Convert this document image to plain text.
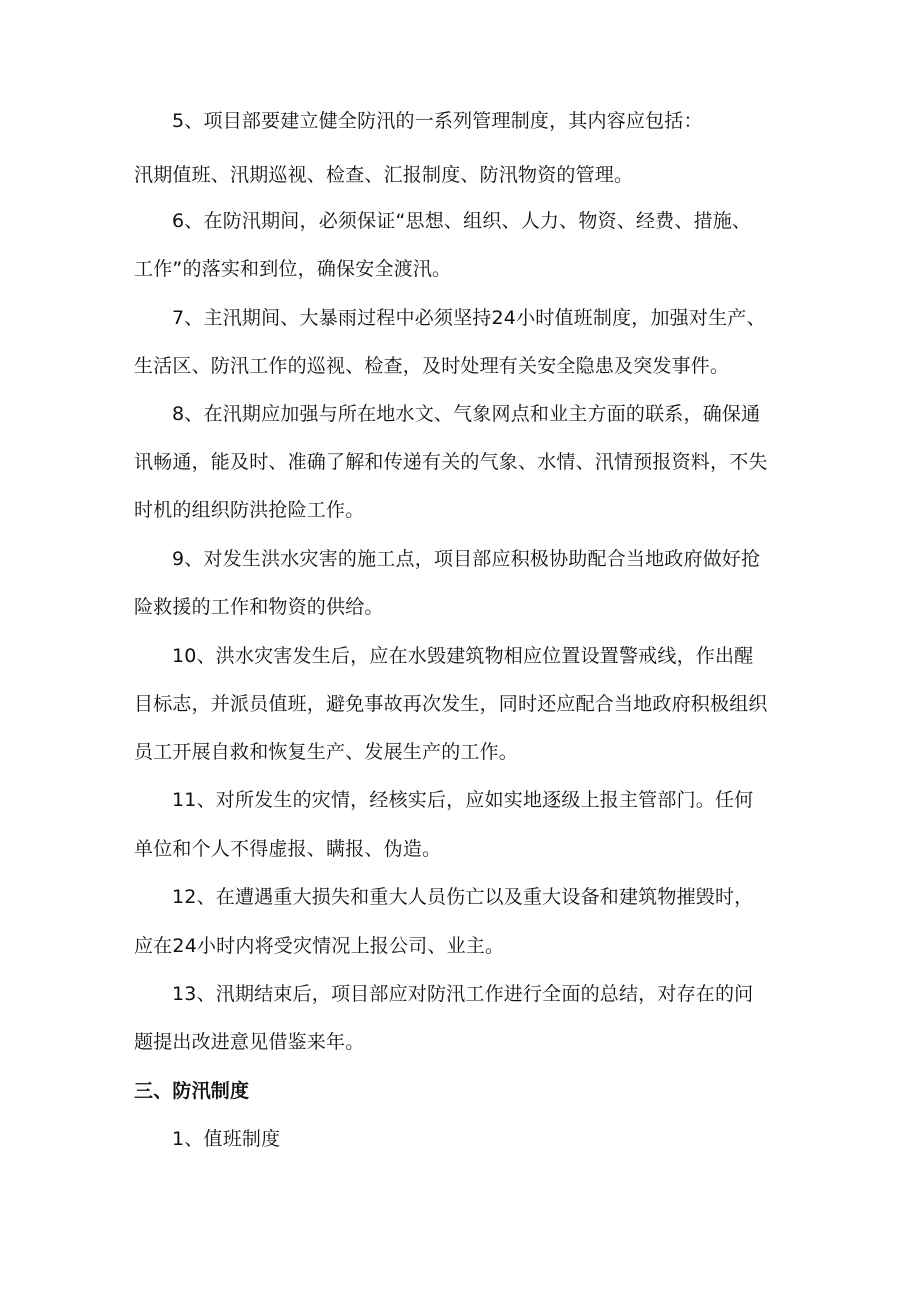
5、项目部要建立健全防汛的一系列管理制度，其内容应包括：
汛期值班、汛期巡视、检查、汇报制度、防汛物资的管理。
6、在防汛期间，必须保证“思想、组织、人力、物资、经费、措施、
工作”的落实和到位，确保安全渡汛。
7、主汛期间、大暴雨过程中必须坚持24小时值班制度，加强对生产、
生活区、防汛工作的巡视、检查，及时处理有关安全隐患及突发事件。
8、在汛期应加强与所在地水文、气象网点和业主方面的联系，确保通
讯畅通，能及时、准确了解和传递有关的气象、水情、汛情预报资料，不失
时机的组织防洪抢险工作。
9、对发生洪水灾害的施工点，项目部应积极协助配合当地政府做好抢
险救援的工作和物资的供给。
10、洪水灾害发生后，应在水毁建筑物相应位置设置警戒线，作出醒
目标志，并派员值班，避免事故再次发生，同时还应配合当地政府积极组织
员工开展自救和恢复生产、发展生产的工作。
11、对所发生的灾情，经核实后，应如实地逐级上报主管部门。任何
单位和个人不得虚报、瞒报、伪造。
12、在遭遇重大损失和重大人员伤亡以及重大设备和建筑物摧毁时，
应在24小时内将受灾情况上报公司、业主。
13、汛期结束后，项目部应对防汛工作进行全面的总结，对存在的问
题提出改进意见借鉴来年。
三、防汛制度
1、值班制度
